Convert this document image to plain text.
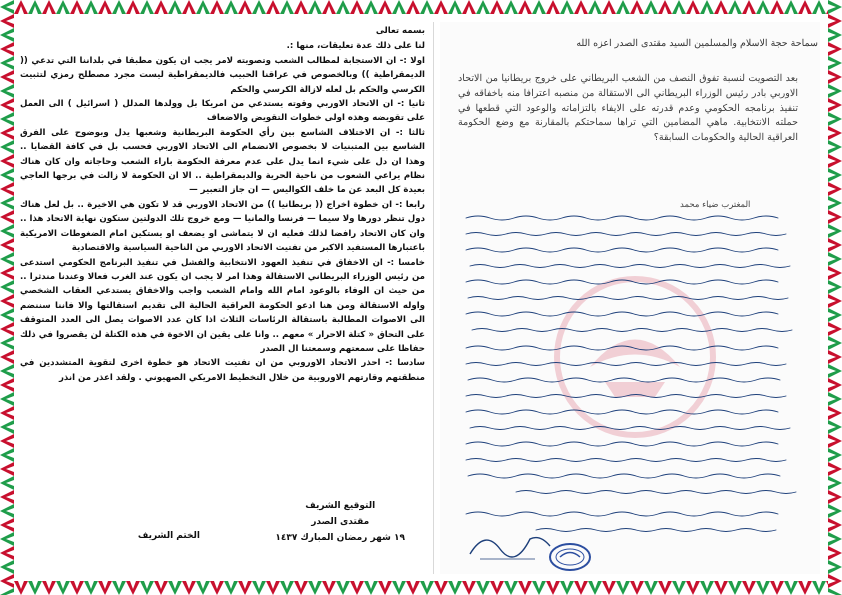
بسمه تعالى

لنا على ذلك عدة تعليقات، منها :.

اولا :- ان الاستجابة لمطالب الشعب وتصويته لامر يجب ان يكون مطبقا في بلداننا التي تدعي (( الديمقراطية )) وبالخصوص في عراقنا الحبيب فالديمقراطية ليست مجرد مصطلح رمزي لتثبيت الكرسي والحكم بل لعله لازالة الكرسي والحكم

ثانيا :- ان الاتحاد الاوربي وقوته يستدعي من امريكا بل وولدها المدلل ( اسرائيل ) الى العمل على تقويضه وهذه اولى خطوات التقويض والاضعاف

ثالثا :- ان الاختلاف الشاسع بين رأي الحكومة البريطانية وشعبها يدل وبوضوح على الفرق الشاسع بين المتبنيات لا بخصوص الانضمام الى الاتحاد الاوربي فحسب بل في كافة القضايا .. وهذا ان دل على شيء انما يدل على عدم معرفة الحكومة باراء الشعب وحاجاته وان كان هناك نظام يراعي الشعوب من ناحية الحرية والديمقراطية .. الا ان الحكومة لا زالت في برجها العاجي بعيدة كل البعد عن ما خلف الكواليس — ان جاز التعبير —

رابعا :- ان خطوة اخراج (( بريطانيا )) من الاتحاد الاوربي قد لا تكون هي الاخيرة .. بل لعل هناك دول تنظر دورها ولا سيما — فرنسا والمانيا — ومع خروج تلك الدولتين ستكون نهاية الاتحاد هذا .. وان كان الاتحاد رافضا لذلك فعليه ان لا يتماشى او يضعف او يستكين امام الضغوطات الامريكية باعتبارها المستفيد الاكبر من تفتيت الاتحاد الاوربي من الناحية السياسية والاقتصادية

خامسا :- ان الاخفاق في تنفيذ العهود الانتخابية والفشل في تنفيذ البرنامج الحكومي استدعى من رئيس الوزراء البريطاني الاستقالة وهذا امر لا يجب ان يكون عند الغرب فعالا وعندنا مندثرا .. من حيث ان الوفاء بالوعود امام الله وامام الشعب واجب والاخفاق يستدعي العقاب الشخصي واوله الاستقالة ومن هنا ادعو الحكومة العراقية الحالية الى تقديم استقالتها والا فاننا سننضم الى الاصوات المطالبة باستقالة الرئاسات الثلاث اذا كان عدد الاصوات يصل الى العدد المتوقف على التحاق « كتلة الاحرار » معهم .. وانا على يقين ان الاخوة في هذه الكتلة لن يقصروا في ذلك حفاظا على سمعتهم وسمعتنا ال الصدر

سادسا :- احذر الاتحاد الاوروبي من ان تفتيت الاتحاد هو خطوة اخرى لتقوية المتشددين في منطقتهم وقارتهم الاوروبية من خلال التخطيط الامريكي الصهيوني . ولقد اعذر من انذر

التوقيع الشريف
مقتدى الصدر
١٩ شهر رمضان المبارك ١٤٣٧
الختم الشريف
سماحة حجة الاسلام والمسلمين السيد مقتدى الصدر اعزه الله
بعد التصويت لنسبة تفوق النصف من الشعب البريطاني على خروج بريطانيا من الاتحاد الاوربي بادر رئيس الوزراء البريطاني الى الاستقالة من منصبه اعترافا منه باخفاقه في تنفيذ برنامجه الحكومي وعدم قدرته على الايفاء بالتزاماته والوعود التي قطعها في حملته الانتخابية. ماهي المضامين التي تراها سماحتكم بالمقارنة مع وضع الحكومة العراقية الحالية والحكومات السابقة؟
المغترب ضياء محمد
